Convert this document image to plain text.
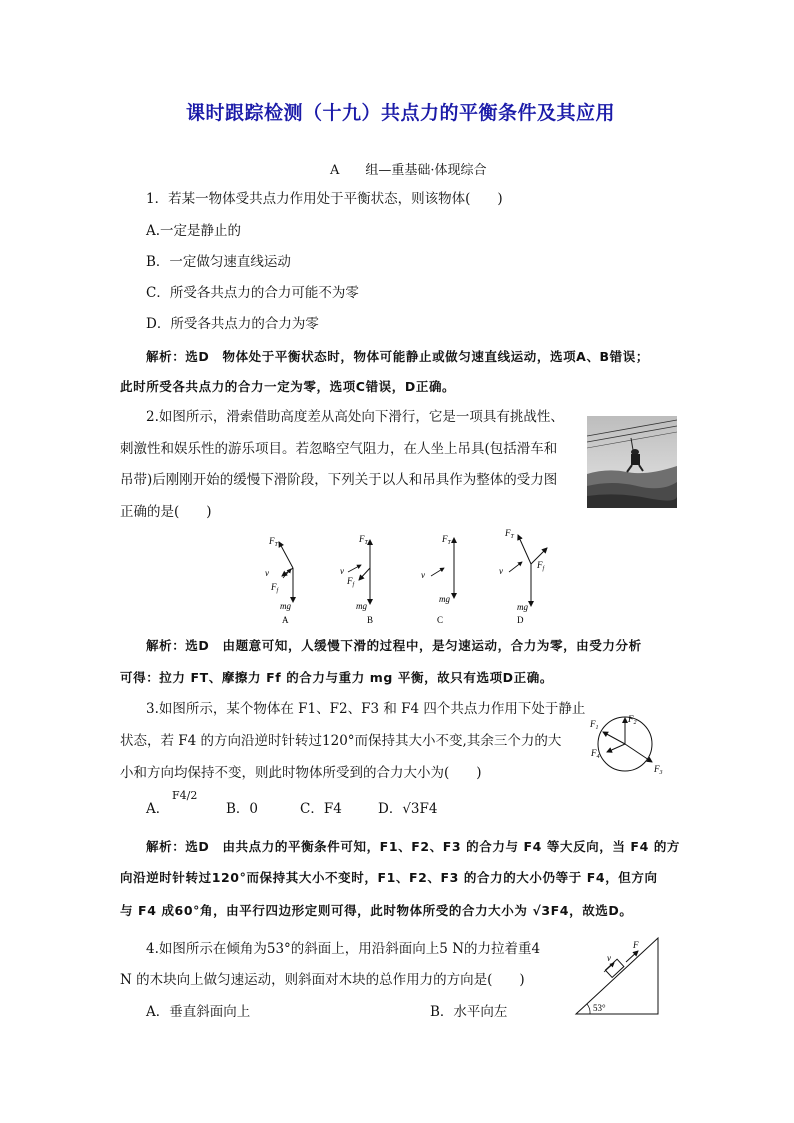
课时跟踪检测（十九）共点力的平衡条件及其应用
A　　组—重基础·体现综合
1．若某一物体受共点力作用处于平衡状态，则该物体(　　)
A.一定是静止的
B．一定做匀速直线运动
C．所受各共点力的合力可能不为零
D．所受各共点力的合力为零
解析：选D　物体处于平衡状态时，物体可能静止或做匀速直线运动，选项A、B错误；
此时所受各共点力的合力一定为零，选项C错误，D正确。
2.如图所示，滑索借助高度差从高处向下滑行，它是一项具有挑战性、
刺激性和娱乐性的游乐项目。若忽略空气阻力，在人坐上吊具(包括滑车和
吊带)后刚刚开始的缓慢下滑阶段，下列关于以人和吊具作为整体的受力图
正确的是(　　)
$F_T$
v
$F_f$
mg
A
$F_T$
v
$F_f$
mg
B
$F_T$
v
mg
C
$F_T$
v
$F_f$
mg
D
解析：选D　由题意可知，人缓慢下滑的过程中，是匀速运动，合力为零，由受力分析
可得：拉力 FT、摩擦力 Ff 的合力与重力 mg 平衡，故只有选项D正确。
3.如图所示，某个物体在 F1、F2、F3 和 F4 四个共点力作用下处于静止
状态，若 F4 的方向沿逆时针转过120°而保持其大小不变,其余三个力的大
小和方向均保持不变，则此时物体所受到的合力大小为(　　)
$F_1$
$F_2$
$F_3$
$F_4$
A．
F4/2
B．0	C．F4	D．√3F4
解析：选D　由共点力的平衡条件可知，F1、F2、F3 的合力与 F4 等大反向，当 F4 的方
向沿逆时针转过120°而保持其大小不变时，F1、F2、F3 的合力的大小仍等于 F4，但方向
与 F4 成60°角，由平行四边形定则可得，此时物体所受的合力大小为 √3F4，故选D。
4.如图所示在倾角为53°的斜面上，用沿斜面向上5 N的力拉着重4
N 的木块向上做匀速运动，则斜面对木块的总作用力的方向是(　　)
A．垂直斜面向上	B．水平向左
F
v
53°
